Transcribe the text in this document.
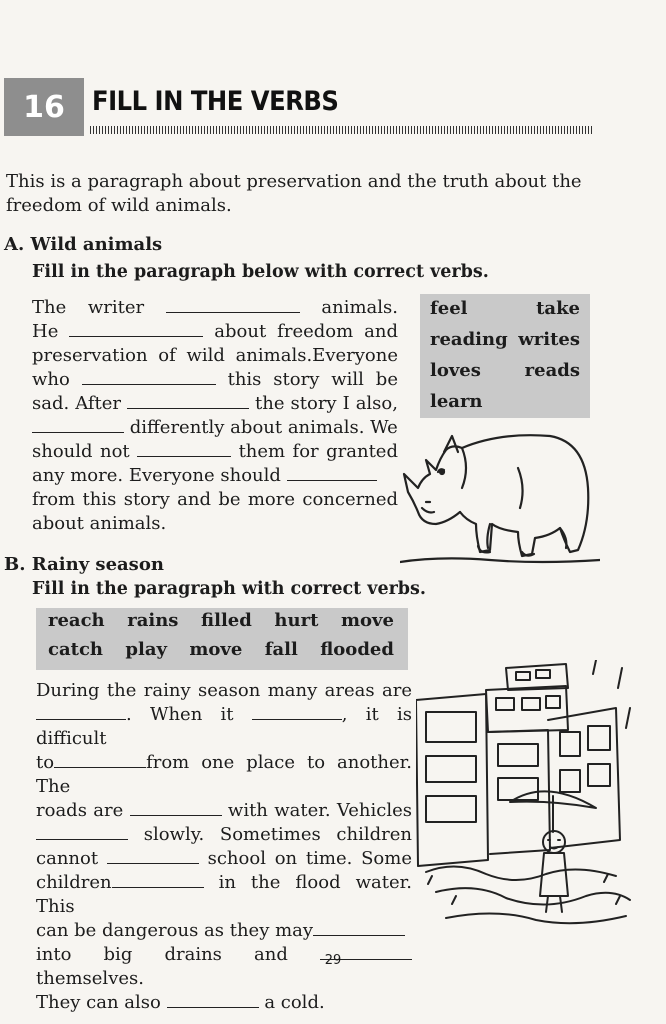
16 FILL IN THE VERBS
This is a paragraph about preservation and the truth about the
freedom of wild animals.
A. Wild animals
Fill in the paragraph below with correct verbs.
The writer	animals.
He	about freedom and
preservation of wild animals.Everyone
who	this story will be
sad. After	the story I also,
differently about animals. We
should not	them for granted
any more. Everyone should
from this story and be more concerned
about animals.
feel	take
reading writes
loves reads
learn
B. Rainy season
Fill in the paragraph with correct verbs.
reach rains filled hurt move
catch play move fall flooded
During the rainy season many areas are
. When it	, it is difficult
to	from one place to another. The
roads are	with water. Vehicles
slowly. Sometimes children
cannot	school on time. Some
children	in the flood water. This
can be dangerous as they may
into big drains and  themselves.
They can also	a cold.
29
